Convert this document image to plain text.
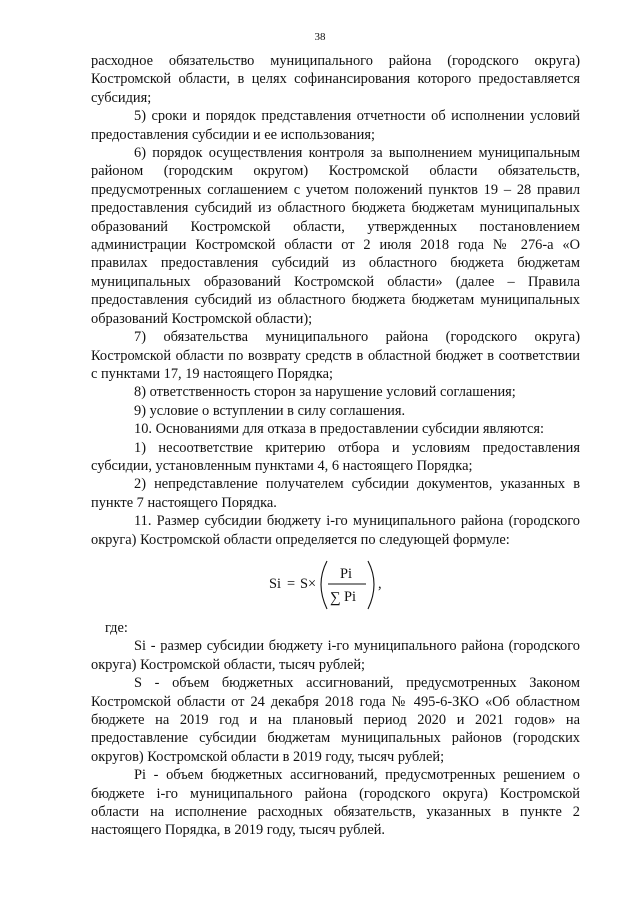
38

расходное обязательство муниципального района (городского округа) Костромской области, в целях софинансирования которого предоставляется субсидия;

5) сроки и порядок представления отчетности об исполнении условий предоставления субсидии и ее использования;

6) порядок осуществления контроля за выполнением муниципальным районом (городским округом) Костромской области обязательств, предусмотренных соглашением с учетом положений пунктов 19 – 28 правил предоставления субсидий из областного бюджета бюджетам муниципальных образований Костромской области, утвержденных постановлением администрации Костромской области от 2 июля 2018 года № 276-а «О правилах предоставления субсидий из областного бюджета бюджетам муниципальных образований Костромской области» (далее – Правила предоставления субсидий из областного бюджета бюджетам муниципальных образований Костромской области);

7) обязательства муниципального района (городского округа) Костромской области по возврату средств в областной бюджет в соответствии с пунктами 17, 19 настоящего Порядка;

8) ответственность сторон за нарушение условий соглашения;

9) условие о вступлении в силу соглашения.

10. Основаниями для отказа в предоставлении субсидии являются:

1) несоответствие критерию отбора и условиям предоставления субсидии, установленным пунктами 4, 6 настоящего Порядка;

2) непредставление получателем субсидии документов, указанных в пункте 7 настоящего Порядка.

11. Размер субсидии бюджету i-го муниципального района (городского округа) Костромской области определяется по следующей формуле:

Si = S×
Pi
∑ Pi
,

где:

Si - размер субсидии бюджету i-го муниципального района (городского округа) Костромской области, тысяч рублей;

S - объем бюджетных ассигнований, предусмотренных Законом Костромской области от 24 декабря 2018 года № 495-6-ЗКО «Об областном бюджете на 2019 год и на плановый период 2020 и 2021 годов» на предоставление субсидии бюджетам муниципальных районов (городских округов) Костромской области в 2019 году, тысяч рублей;

Pi - объем бюджетных ассигнований, предусмотренных решением о бюджете i-го муниципального района (городского округа) Костромской области на исполнение расходных обязательств, указанных в пункте 2 настоящего Порядка, в 2019 году, тысяч рублей.
